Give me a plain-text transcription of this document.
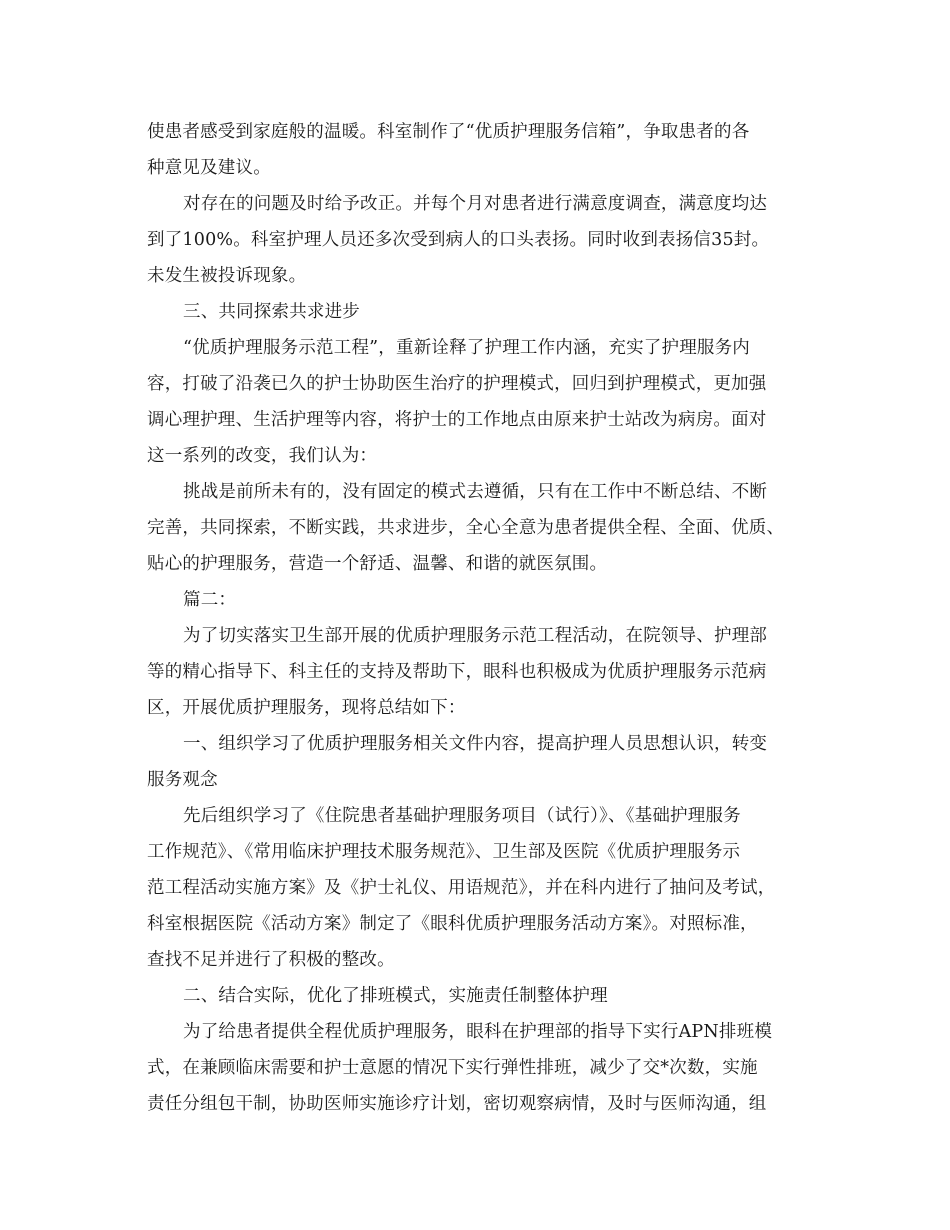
使患者感受到家庭般的温暖。科室制作了“优质护理服务信箱”，争取患者的各
种意见及建议。
对存在的问题及时给予改正。并每个月对患者进行满意度调查，满意度均达
到了100%。科室护理人员还多次受到病人的口头表扬。同时收到表扬信35封。
未发生被投诉现象。
三、共同探索共求进步
“优质护理服务示范工程”，重新诠释了护理工作内涵，充实了护理服务内
容，打破了沿袭已久的护士协助医生治疗的护理模式，回归到护理模式，更加强
调心理护理、生活护理等内容，将护士的工作地点由原来护士站改为病房。面对
这一系列的改变，我们认为：
挑战是前所未有的，没有固定的模式去遵循，只有在工作中不断总结、不断
完善，共同探索，不断实践，共求进步，全心全意为患者提供全程、全面、优质、
贴心的护理服务，营造一个舒适、温馨、和谐的就医氛围。
篇二：
为了切实落实卫生部开展的优质护理服务示范工程活动，在院领导、护理部
等的精心指导下、科主任的支持及帮助下，眼科也积极成为优质护理服务示范病
区，开展优质护理服务，现将总结如下：
一、组织学习了优质护理服务相关文件内容，提高护理人员思想认识，转变
服务观念
先后组织学习了《住院患者基础护理服务项目（试行）》、《基础护理服务
工作规范》、《常用临床护理技术服务规范》、卫生部及医院《优质护理服务示
范工程活动实施方案》及《护士礼仪、用语规范》，并在科内进行了抽问及考试，
科室根据医院《活动方案》制定了《眼科优质护理服务活动方案》。对照标准，
查找不足并进行了积极的整改。
二、结合实际，优化了排班模式，实施责任制整体护理
为了给患者提供全程优质护理服务，眼科在护理部的指导下实行APN排班模
式，在兼顾临床需要和护士意愿的情况下实行弹性排班，减少了交*次数，实施
责任分组包干制，协助医师实施诊疗计划，密切观察病情，及时与医师沟通，组
